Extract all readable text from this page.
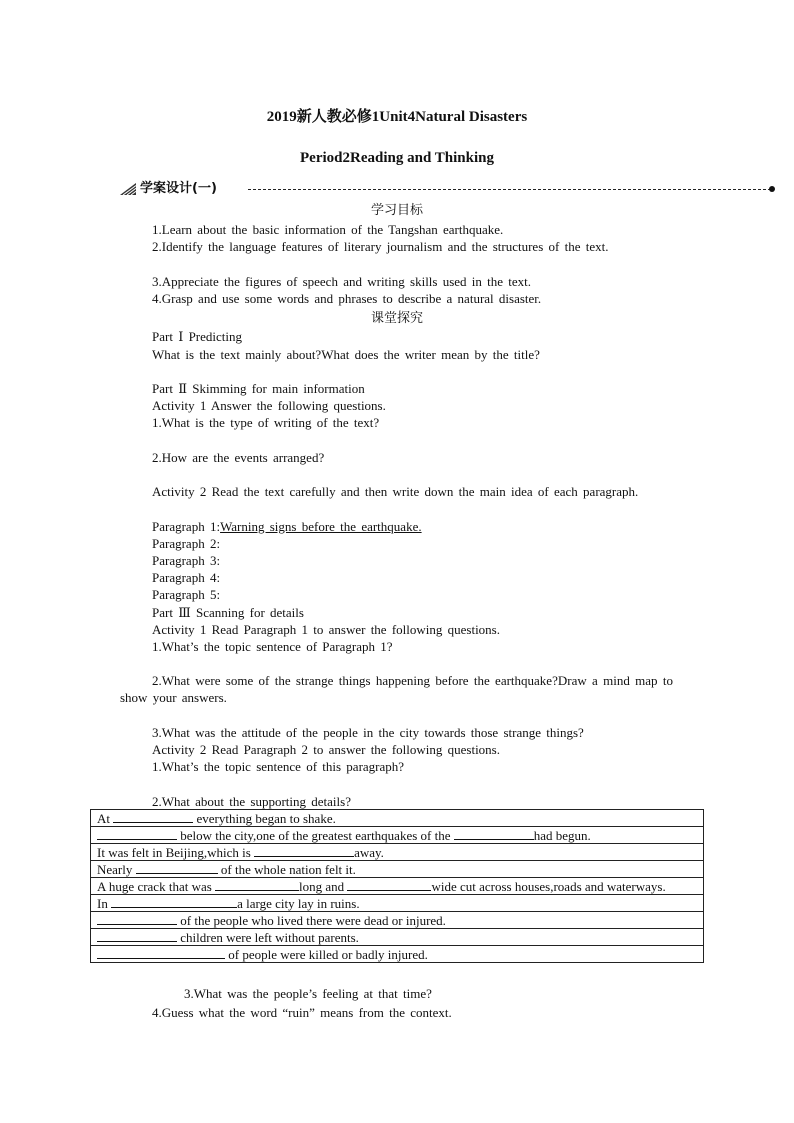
2019新人教必修1Unit4Natural Disasters
Period2Reading and Thinking
学案设计(一)
学习目标
1.Learn about the basic information of the Tangshan earthquake.
2.Identify the language features of literary journalism and the structures of the text.
3.Appreciate the figures of speech and writing skills used in the text.
4.Grasp and use some words and phrases to describe a natural disaster.
课堂探究
Part Ⅰ Predicting
What is the text mainly about?What does the writer mean by the title?
Part Ⅱ Skimming for main information
Activity 1 Answer the following questions.
1.What is the type of writing of the text?
2.How are the events arranged?
Activity 2 Read the text carefully and then write down the main idea of each paragraph.
Paragraph 1:Warning signs before the earthquake.
Paragraph 2:
Paragraph 3:
Paragraph 4:
Paragraph 5:
Part Ⅲ Scanning for details
Activity 1 Read Paragraph 1 to answer the following questions.
1.What’s the topic sentence of Paragraph 1?
2.What were some of the strange things happening before the earthquake?Draw a mind map to show your answers.
3.What was the attitude of the people in the city towards those strange things?
Activity 2 Read Paragraph 2 to answer the following questions.
1.What’s the topic sentence of this paragraph?
2.What about the supporting details?
At	everything began to shake.
below the city,one of the greatest earthquakes of the	had begun.
It was felt in Beijing,which is	away.
Nearly	of the whole nation felt it.
A huge crack that was	long and	wide cut across houses,roads and waterways.
In	a large city lay in ruins.
of the people who lived there were dead or injured.
children were left without parents.
of people were killed or badly injured.
3.What was the people’s feeling at that time?
4.Guess what the word “ruin” means from the context.
